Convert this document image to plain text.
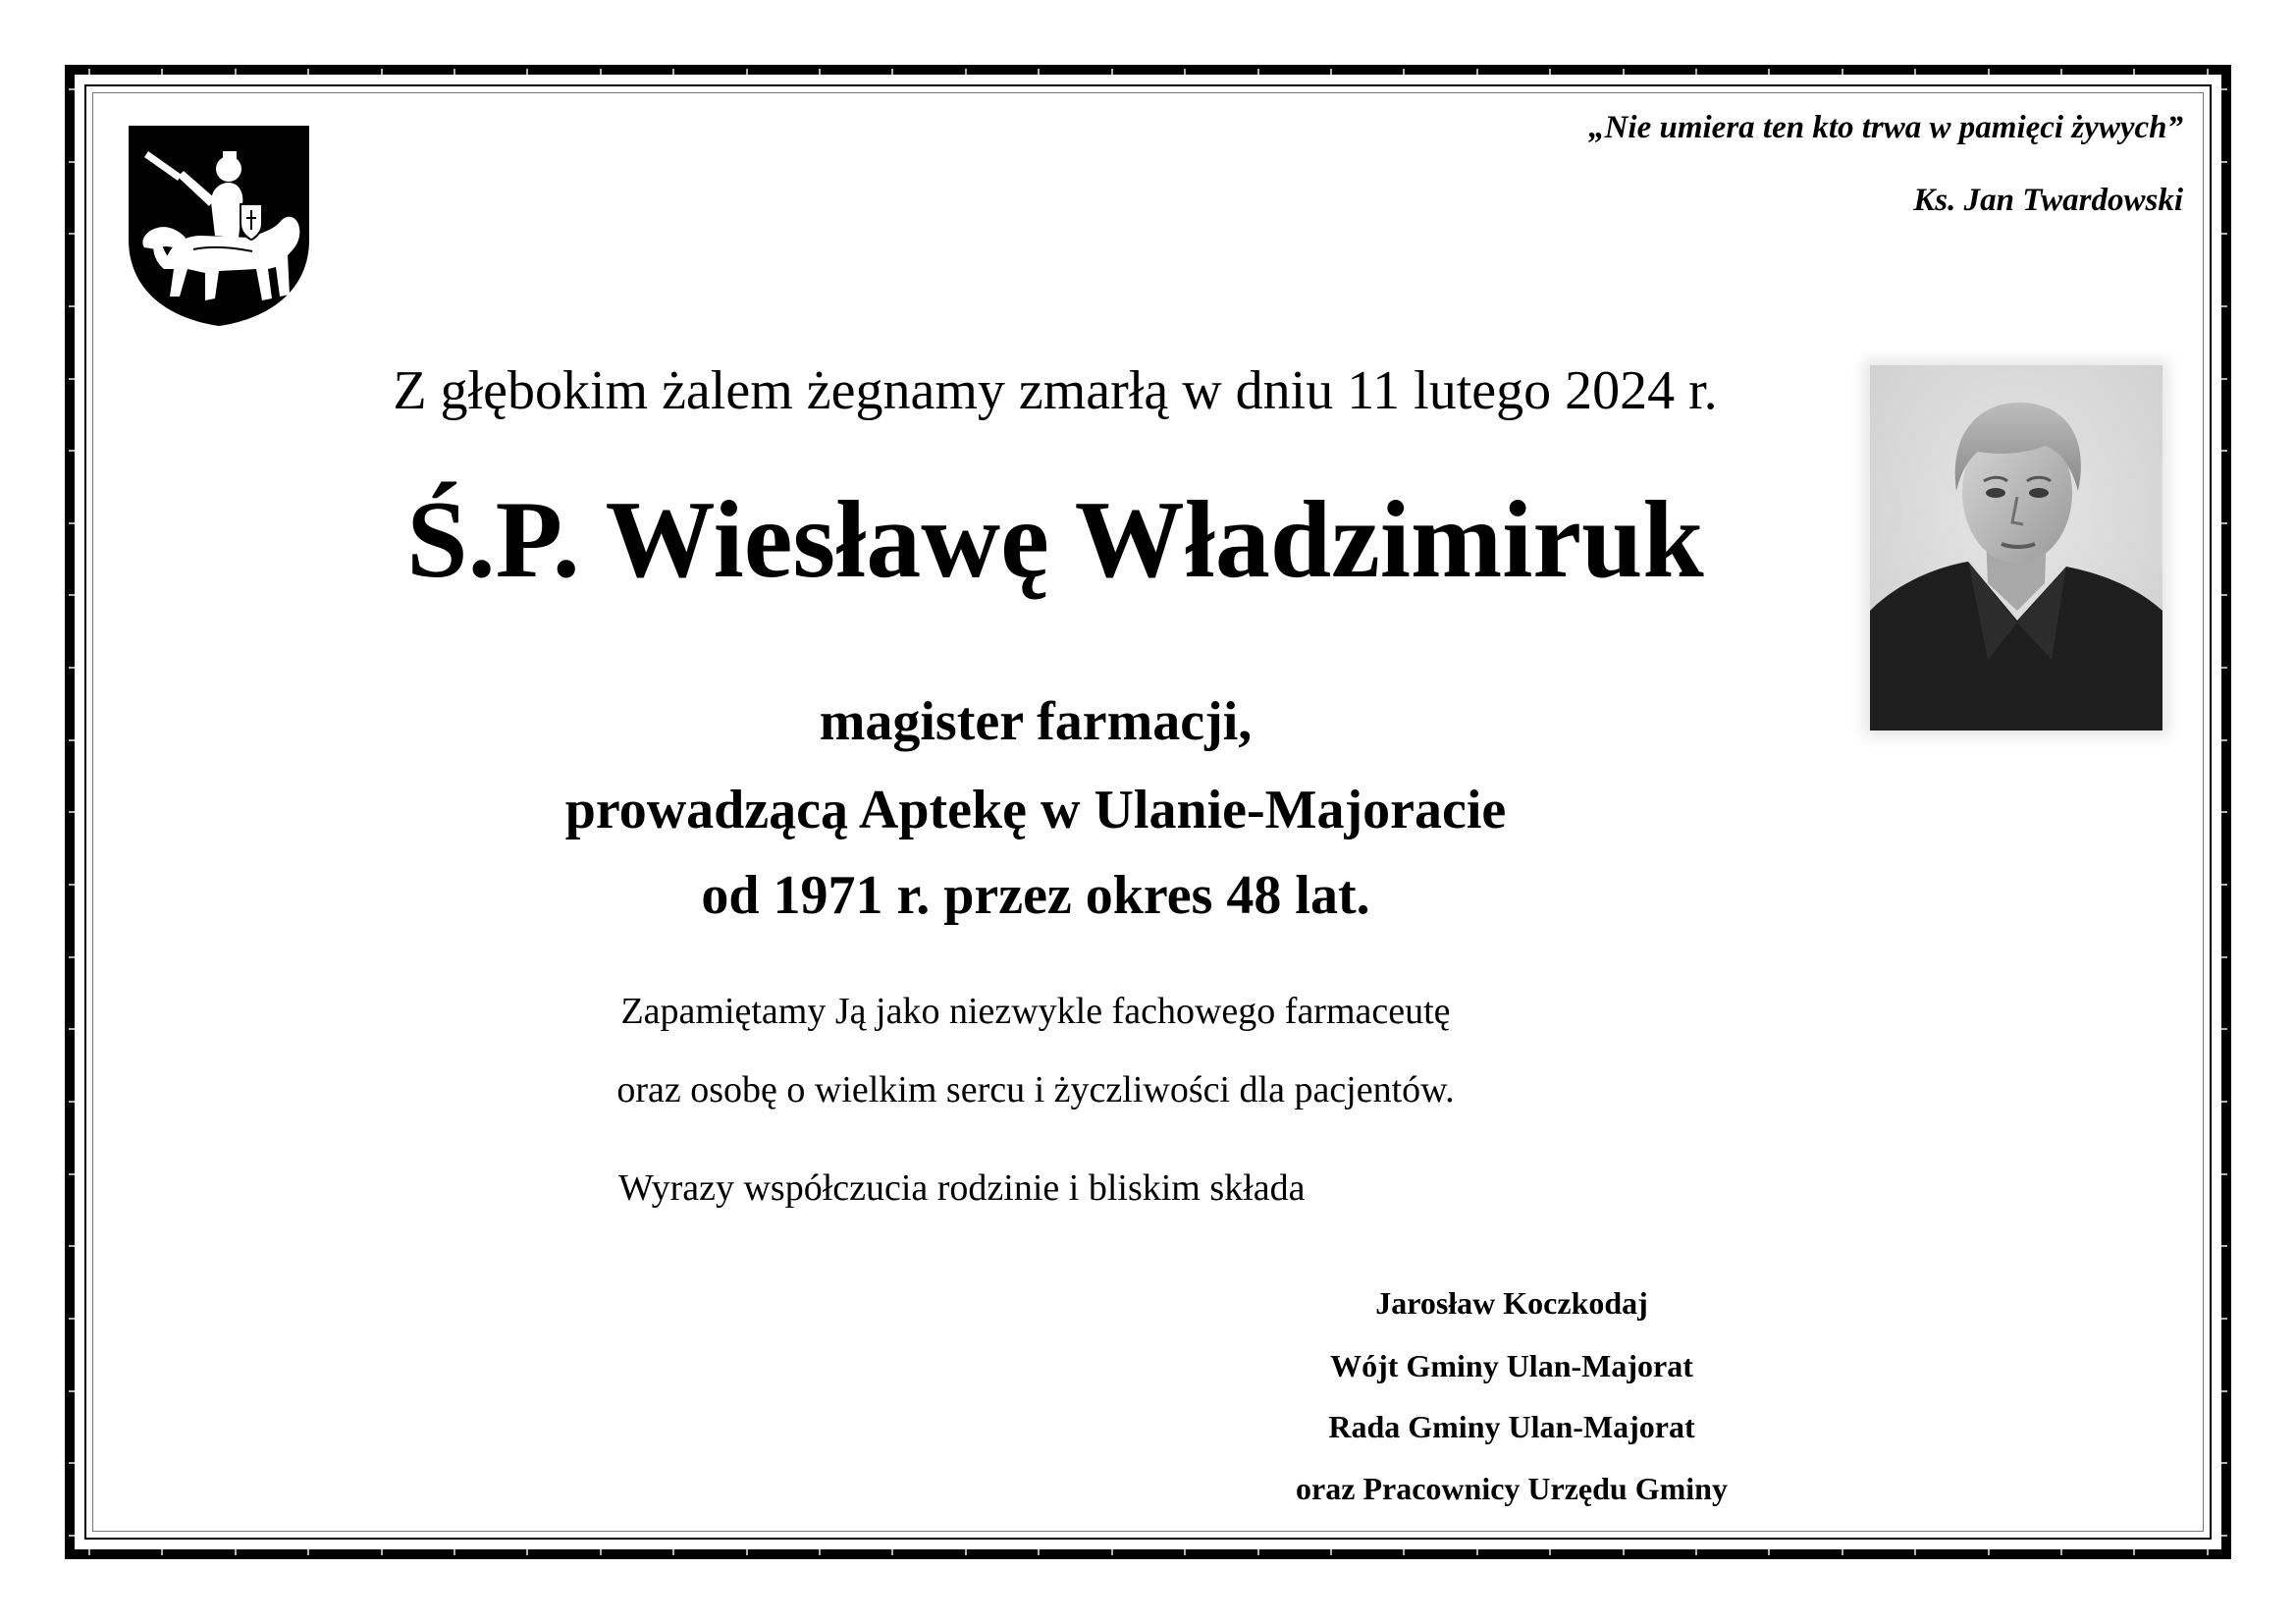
„Nie umiera ten kto trwa w pamięci żywych”
Ks. Jan Twardowski
Z głębokim żalem żegnamy zmarłą w dniu 11 lutego 2024 r.
Ś.P. Wiesławę Władzimiruk
magister farmacji,
prowadzącą Aptekę w Ulanie-Majoracie
od 1971 r. przez okres 48 lat.
Zapamiętamy Ją jako niezwykle fachowego farmaceutę
oraz osobę o wielkim sercu i życzliwości dla pacjentów.
Wyrazy współczucia rodzinie i bliskim składa
Jarosław Koczkodaj
Wójt Gminy Ulan-Majorat
Rada Gminy Ulan-Majorat
oraz Pracownicy Urzędu Gminy
